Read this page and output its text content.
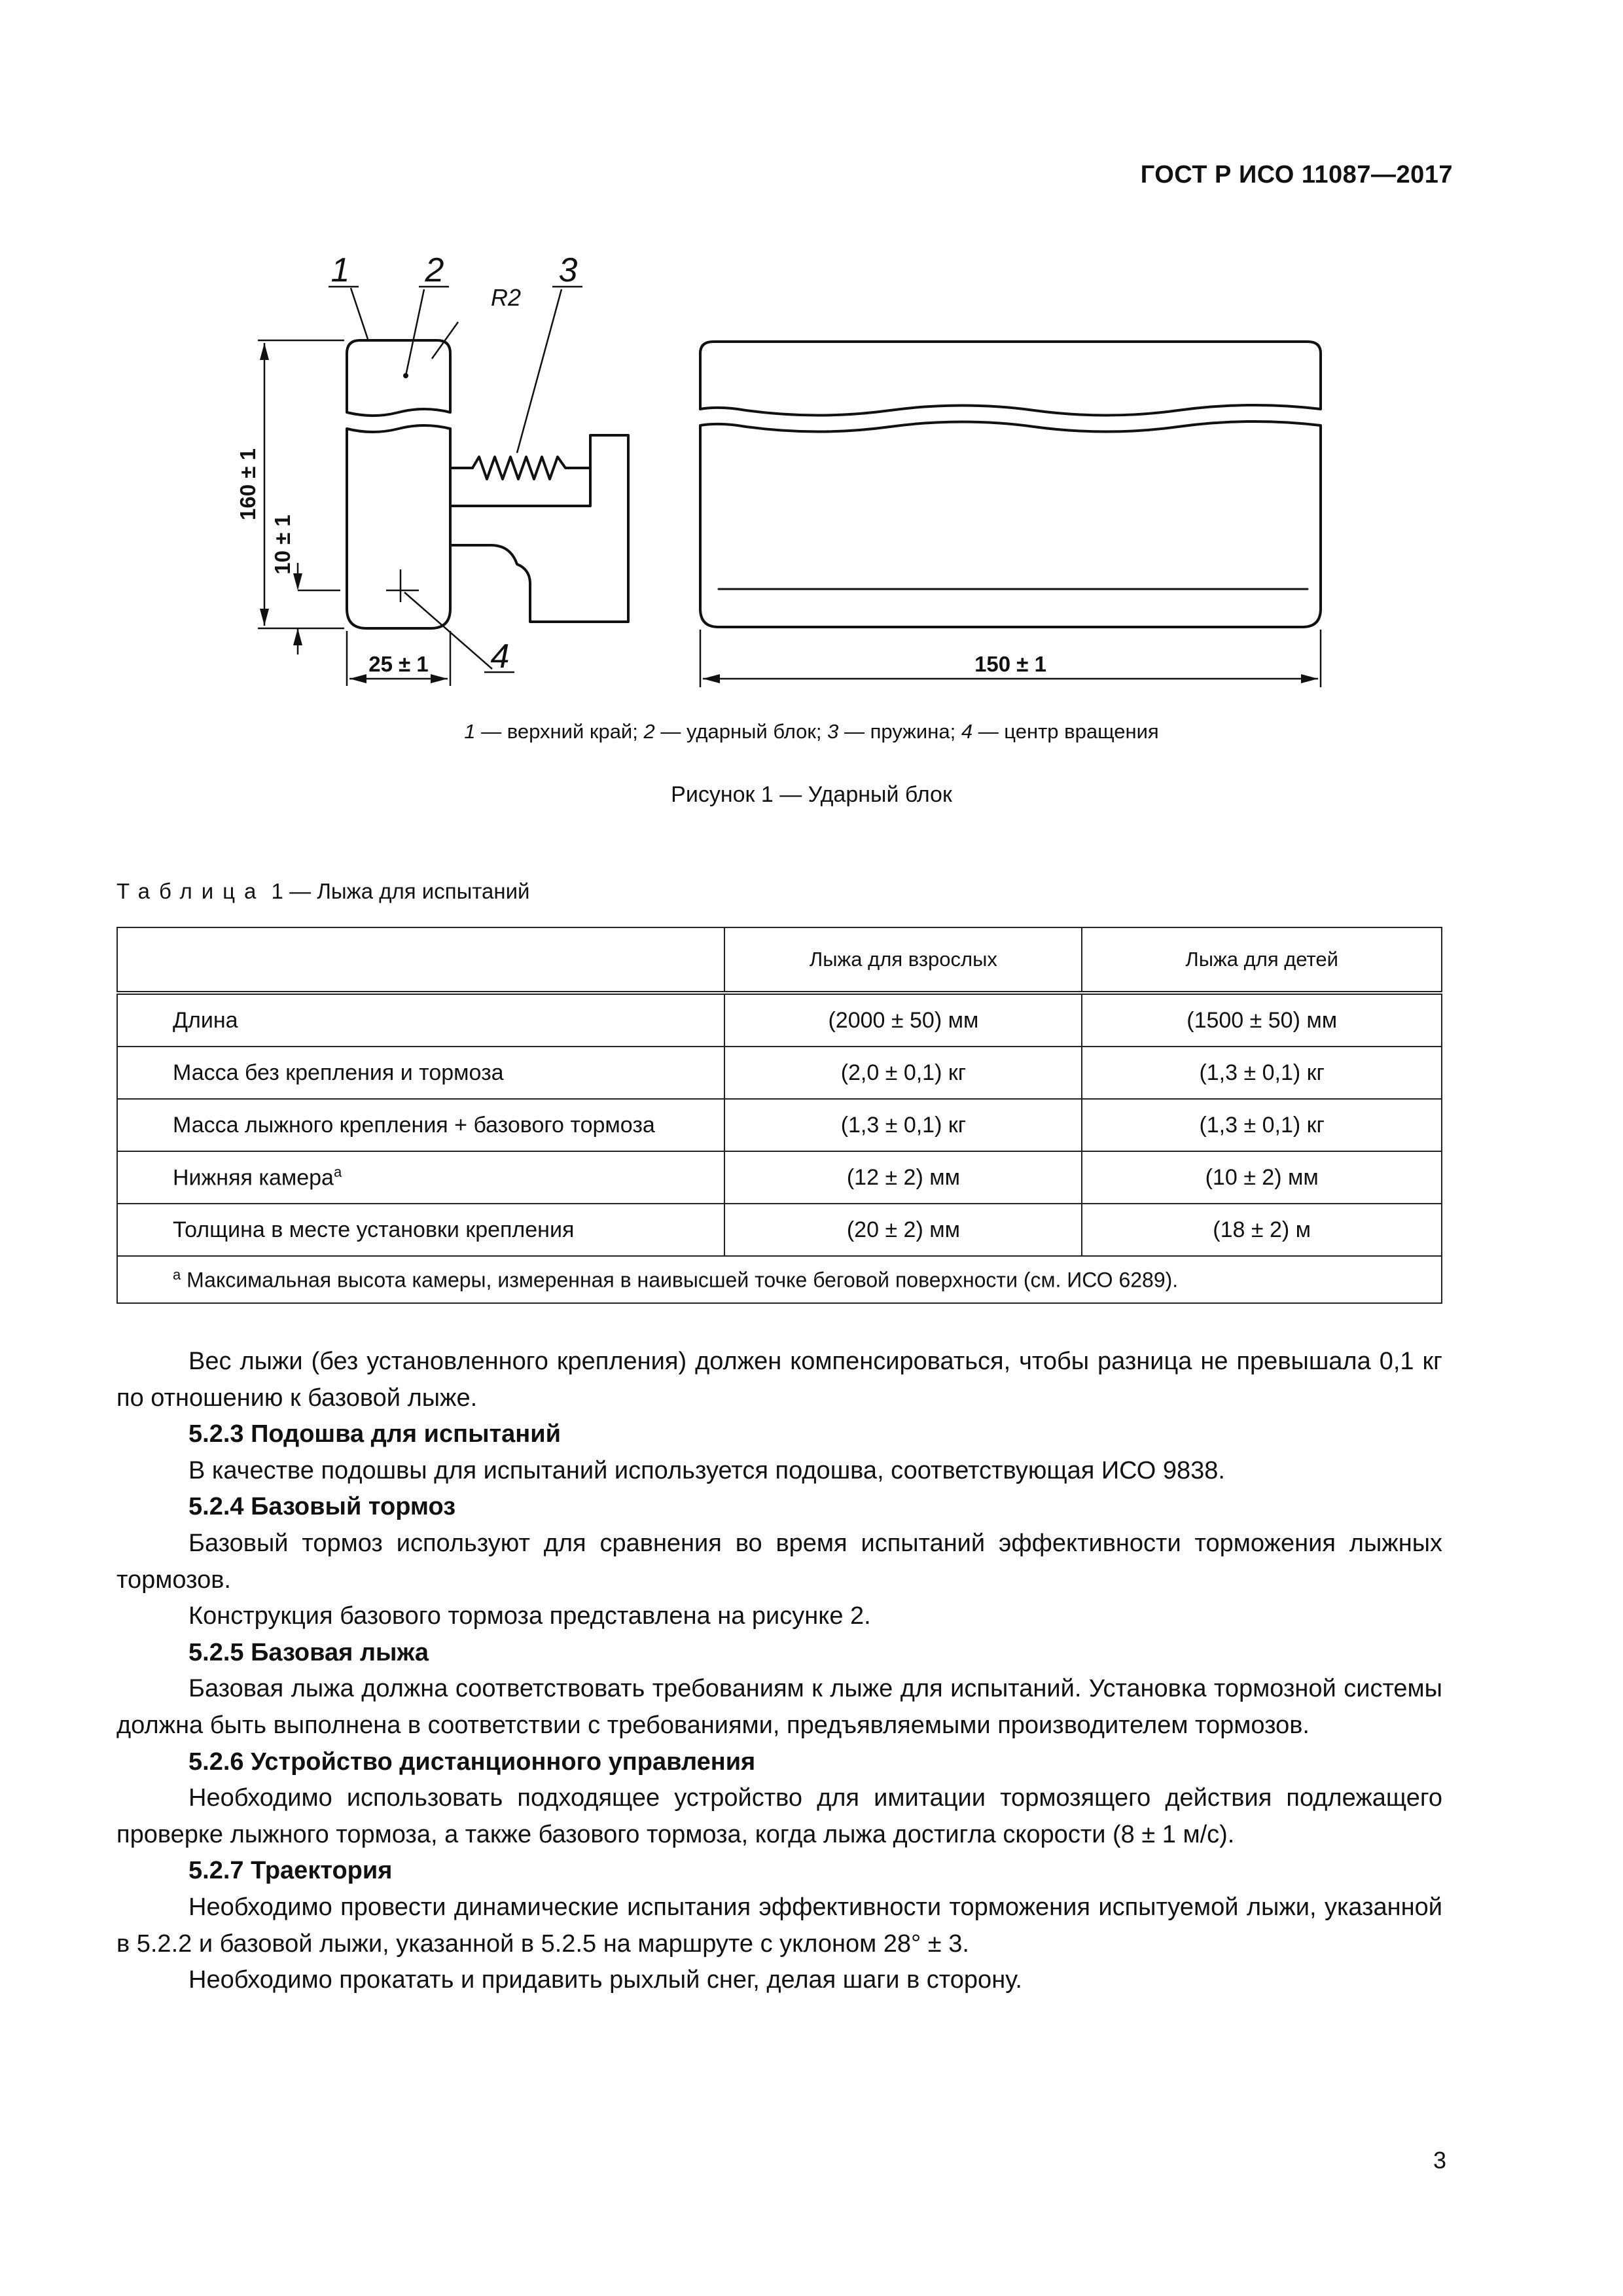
ГОСТ Р ИСО 11087—2017
1 2	3
4
R2
160 ± 1
10 ± 1
25 ± 1	150 ± 1
1 — верхний край; 2 — ударный блок; 3 — пружина; 4 — центр вращения
Рисунок 1 — Ударный блок
Таблица 1 — Лыжа для испытаний
	Лыжа для взрослых	Лыжа для детей
Длина	(2000 ± 50) мм	(1500 ± 50) мм
Масса без крепления и тормоза	(2,0 ± 0,1) кг	(1,3 ± 0,1) кг
Масса лыжного крепления + базового тормоза	(1,3 ± 0,1) кг	(1,3 ± 0,1) кг
Нижняя камера$^a$	(12 ± 2) мм	(10 ± 2) мм
Толщина в месте установки крепления	(20 ± 2) мм	(18 ± 2) м
$^a$ Максимальная высота камеры, измеренная в наивысшей точке беговой поверхности (см. ИСО 6289).		

Вес лыжи (без установленного крепления) должен компенсироваться, чтобы разница не превышала 0,1 кг по отношению к базовой лыже.

5.2.3 Подошва для испытаний

В качестве подошвы для испытаний используется подошва, соответствующая ИСО 9838.

5.2.4 Базовый тормоз

Базовый тормоз используют для сравнения во время испытаний эффективности торможения лыжных тормозов.

Конструкция базового тормоза представлена на рисунке 2.

5.2.5 Базовая лыжа

Базовая лыжа должна соответствовать требованиям к лыже для испытаний. Установка тормозной системы должна быть выполнена в соответствии с требованиями, предъявляемыми производителем тормозов.

5.2.6 Устройство дистанционного управления

Необходимо использовать подходящее устройство для имитации тормозящего действия подлежащего проверке лыжного тормоза, а также базового тормоза, когда лыжа достигла скорости (8 ± 1 м/с).

5.2.7 Траектория

Необходимо провести динамические испытания эффективности торможения испытуемой лыжи, указанной в 5.2.2 и базовой лыжи, указанной в 5.2.5 на маршруте с уклоном 28° ± 3.

Необходимо прокатать и придавить рыхлый снег, делая шаги в сторону.

3
